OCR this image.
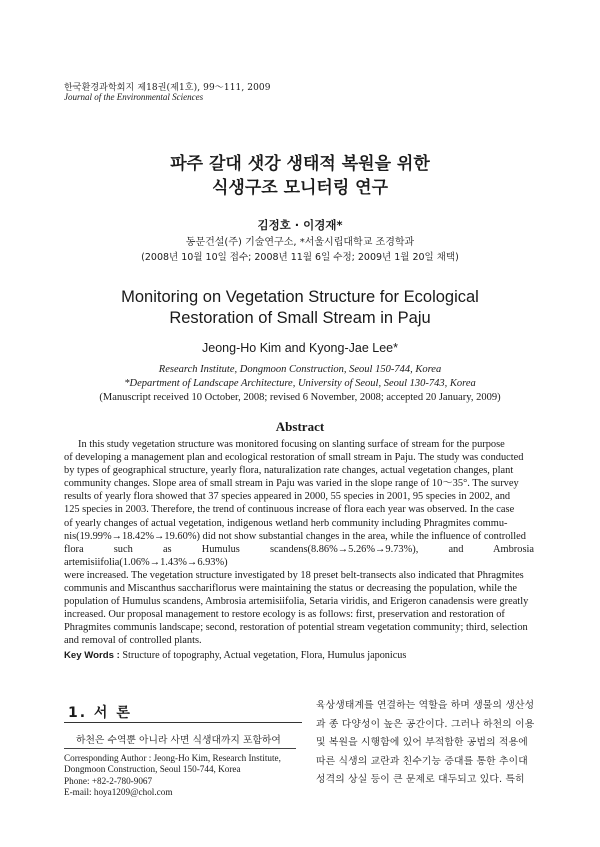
한국환경과학회지 제18권(제1호), 99～111, 2009
Journal of the Environmental Sciences
파주 갈대 샛강 생태적 복원을 위한
식생구조 모니터링 연구
김정호 · 이경재*
동문건설(주) 기술연구소, *서울시립대학교 조경학과
(2008년 10월 10일 접수; 2008년 11월 6일 수정; 2009년 1월 20일 채택)
Monitoring on Vegetation Structure for Ecological
Restoration of Small Stream in Paju
Jeong-Ho Kim and Kyong-Jae Lee*
Research Institute, Dongmoon Construction, Seoul 150-744, Korea
*Department of Landscape Architecture, University of Seoul, Seoul 130-743, Korea
(Manuscript received 10 October, 2008; revised 6 November, 2008; accepted 20 January, 2009)
Abstract
In this study vegetation structure was monitored focusing on slanting surface of stream for the purpose
of developing a management plan and ecological restoration of small stream in Paju. The study was conducted
by types of geographical structure, yearly flora, naturalization rate changes, actual vegetation changes, plant
community changes. Slope area of small stream in Paju was varied in the slope range of 10～35°. The survey
results of yearly flora showed that 37 species appeared in 2000, 55 species in 2001, 95 species in 2002, and
125 species in 2003. Therefore, the trend of continuous increase of flora each year was observed. In the case
of yearly changes of actual vegetation, indigenous wetland herb community including Phragmites commu-
nis(19.99%→18.42%→19.60%) did not show substantial changes in the area, while the influence of controlled
flora such as Humulus scandens(8.86%→5.26%→9.73%), and Ambrosia artemisiifolia(1.06%→1.43%→6.93%)
were increased. The vegetation structure investigated by 18 preset belt-transects also indicated that Phragmites
communis and Miscanthus sacchariflorus were maintaining the status or decreasing the population, while the
population of Humulus scandens, Ambrosia artemisiifolia, Setaria viridis, and Erigeron canadensis were greatly
increased. Our proposal management to restore ecology is as follows: first, preservation and restoration of
Phragmites communis landscape; second, restoration of potential stream vegetation community; third, selection
and removal of controlled plants.
Key Words : Structure of topography, Actual vegetation, Flora, Humulus japonicus
1. 서 론
하천은 수역뿐 아니라 사면 식생대까지 포함하여
Corresponding Author : Jeong-Ho Kim, Research Institute,
Dongmoon Construction, Seoul 150-744, Korea
Phone: +82-2-780-9067
E-mail: hoya1209@chol.com
육상생태계를 연결하는 역할을 하며 생물의 생산성
과 종 다양성이 높은 공간이다. 그러나 하천의 이용
및 복원을 시행함에 있어 부적합한 공법의 적용에
따른 식생의 교란과 친수기능 증대를 통한 추이대
성격의 상실 등이 큰 문제로 대두되고 있다. 특히
